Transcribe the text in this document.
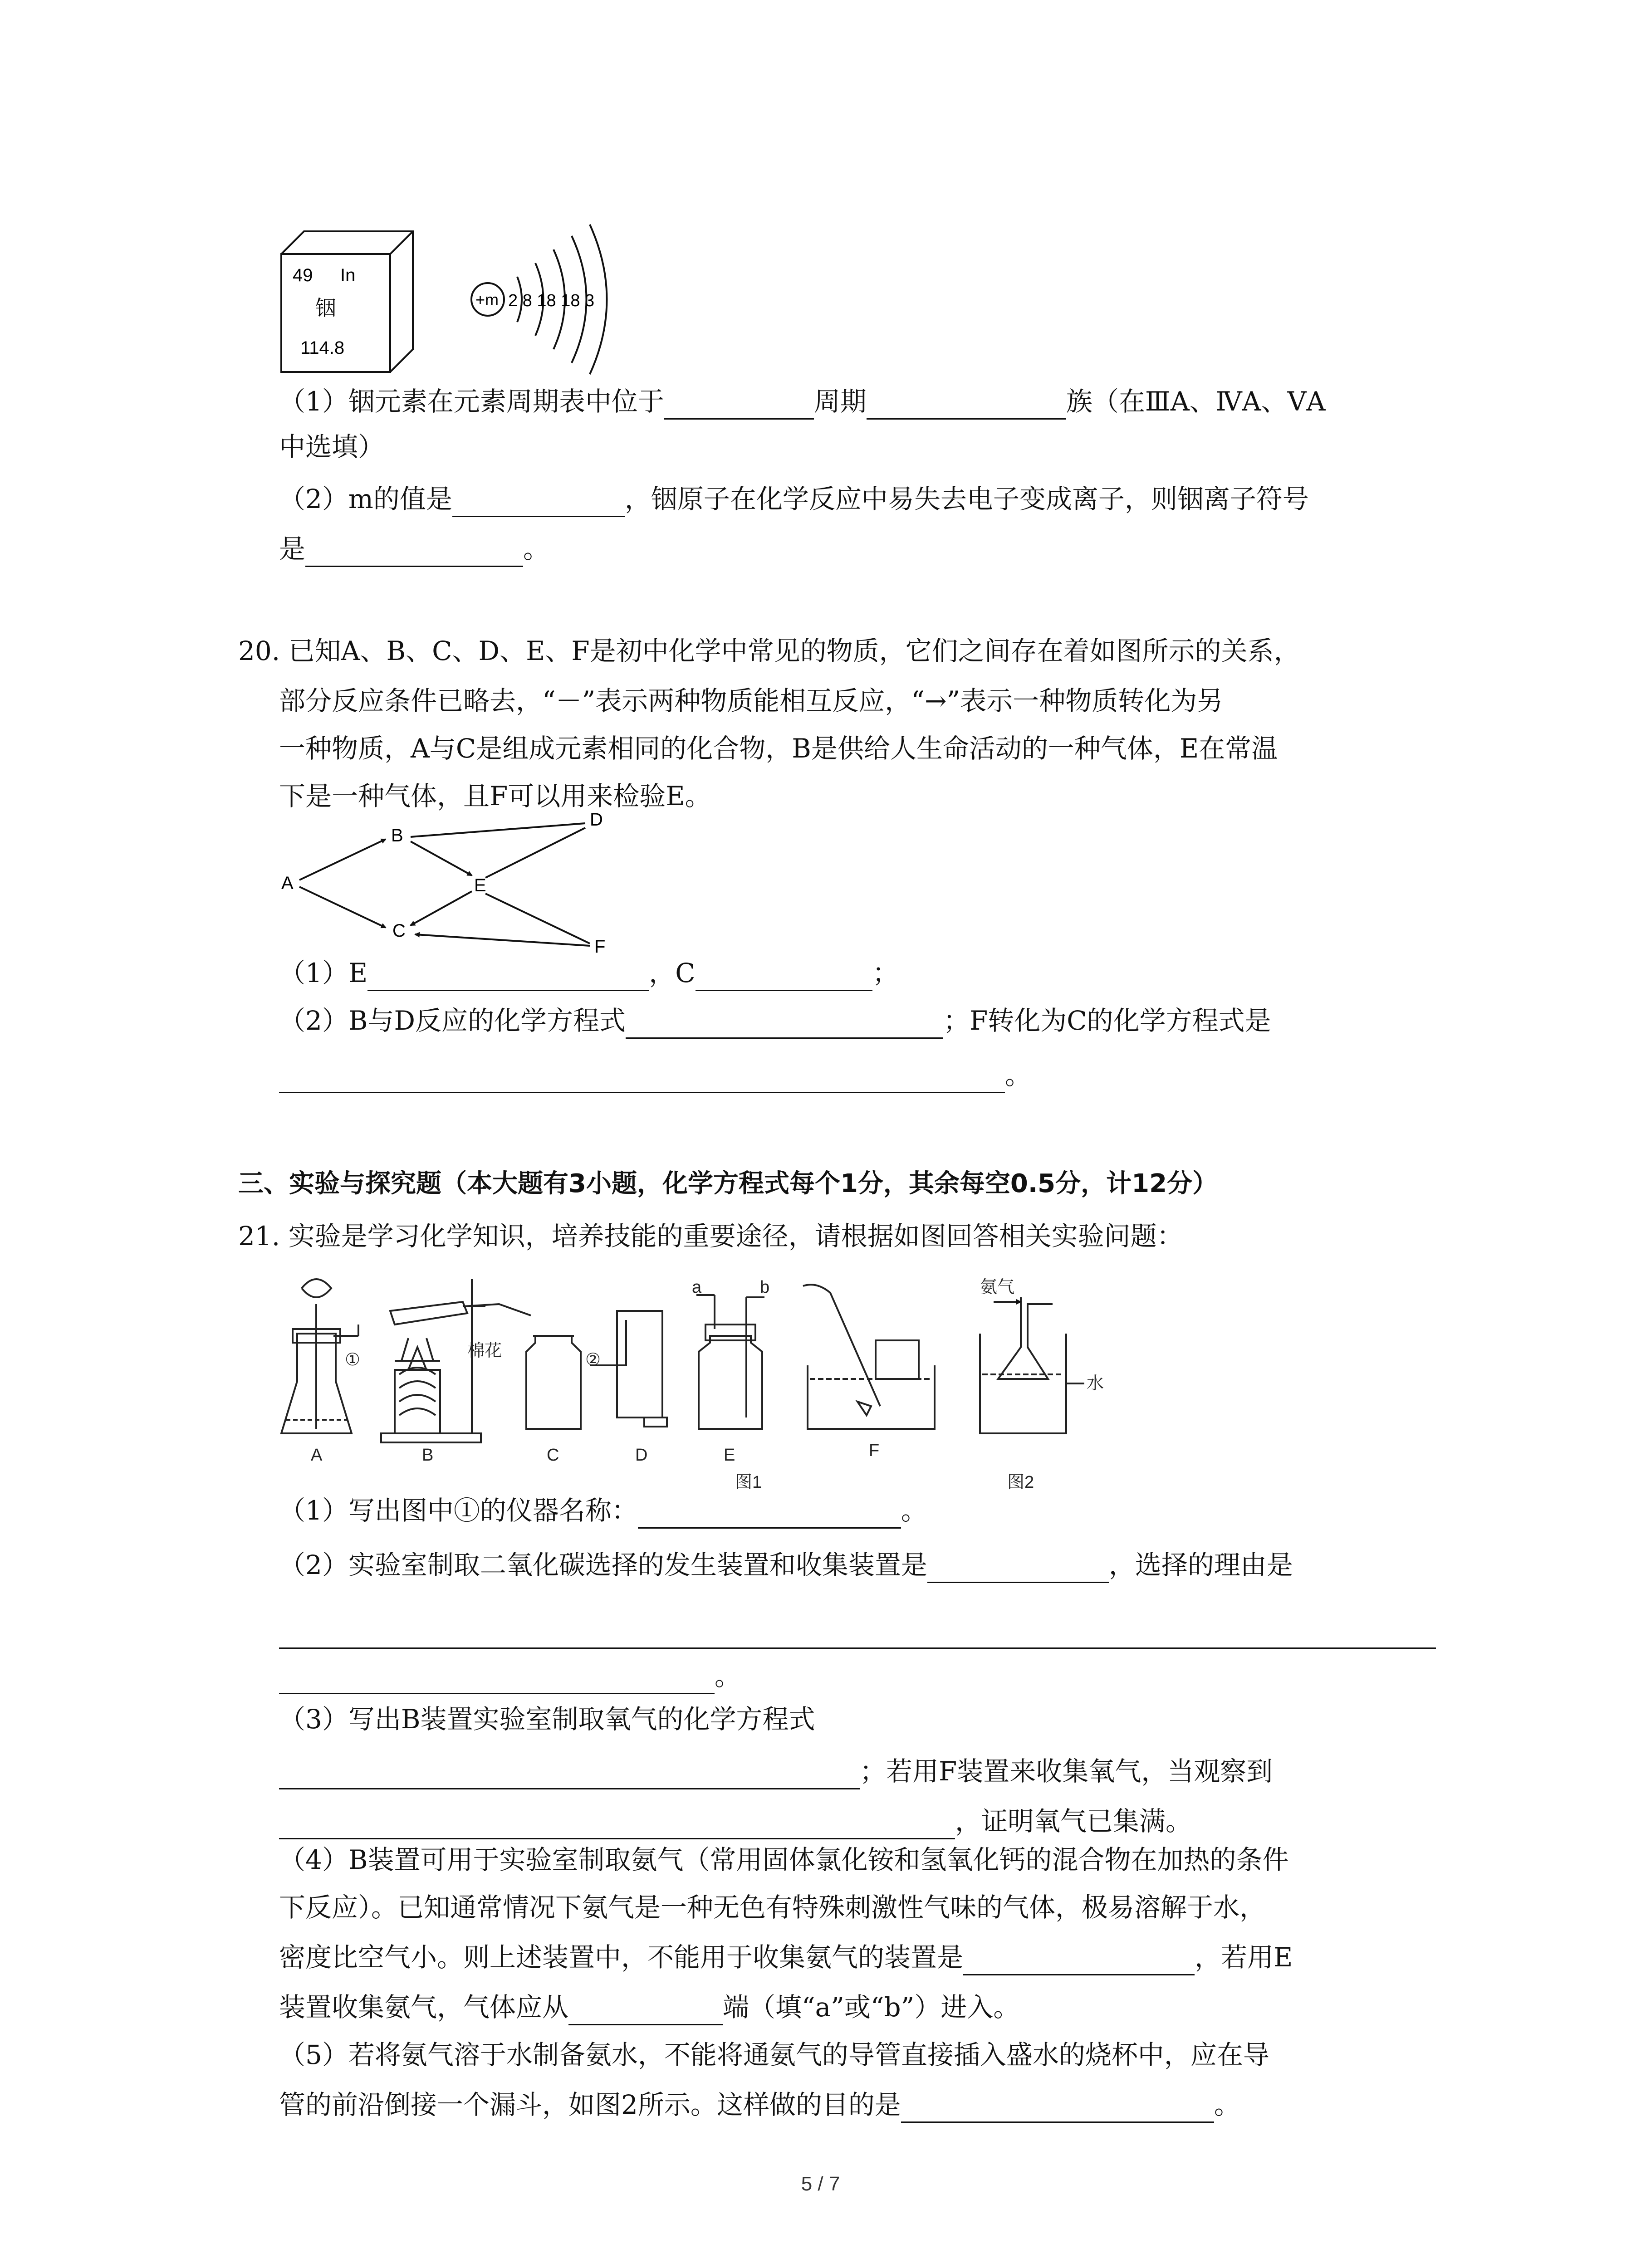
49 In
铟
114.8
+m 2 8 18 18 3
（1）铟元素在元素周期表中位于	周期	族（在ⅢA、ⅣA、ⅤA
中选填）
（2）m的值是	，铟原子在化学反应中易失去电子变成离子，则铟离子符号
是	。
20. 已知A、B、C、D、E、F是初中化学中常见的物质，它们之间存在着如图所示的关系，
部分反应条件已略去，“－”表示两种物质能相互反应，“→”表示一种物质转化为另
一种物质，A与C是组成元素相同的化合物，B是供给人生命活动的一种气体，E在常温
下是一种气体，且F可以用来检验E。
A
B
C
D
E
F
（1）E	，C	；
（2）B与D反应的化学方程式	；F转化为C的化学方程式是
。
三、实验与探究题（本大题有3小题，化学方程式每个1分，其余每空0.5分，计12分）
21. 实验是学习化学知识，培养技能的重要途径，请根据如图回答相关实验问题：
A	B	C	D	E	F
①	②
棉花
a	b	氨气
水
图1	图2
（1）写出图中①的仪器名称：	。
（2）实验室制取二氧化碳选择的发生装置和收集装置是	，选择的理由是
。
（3）写出B装置实验室制取氧气的化学方程式
；若用F装置来收集氧气，当观察到
，证明氧气已集满。
（4）B装置可用于实验室制取氨气（常用固体氯化铵和氢氧化钙的混合物在加热的条件
下反应）。已知通常情况下氨气是一种无色有特殊刺激性气味的气体，极易溶解于水，
密度比空气小。则上述装置中，不能用于收集氨气的装置是	，若用E
装置收集氨气，气体应从	端（填“a”或“b”）进入。
（5）若将氨气溶于水制备氨水，不能将通氨气的导管直接插入盛水的烧杯中，应在导
管的前沿倒接一个漏斗，如图2所示。这样做的目的是	。
5 / 7
